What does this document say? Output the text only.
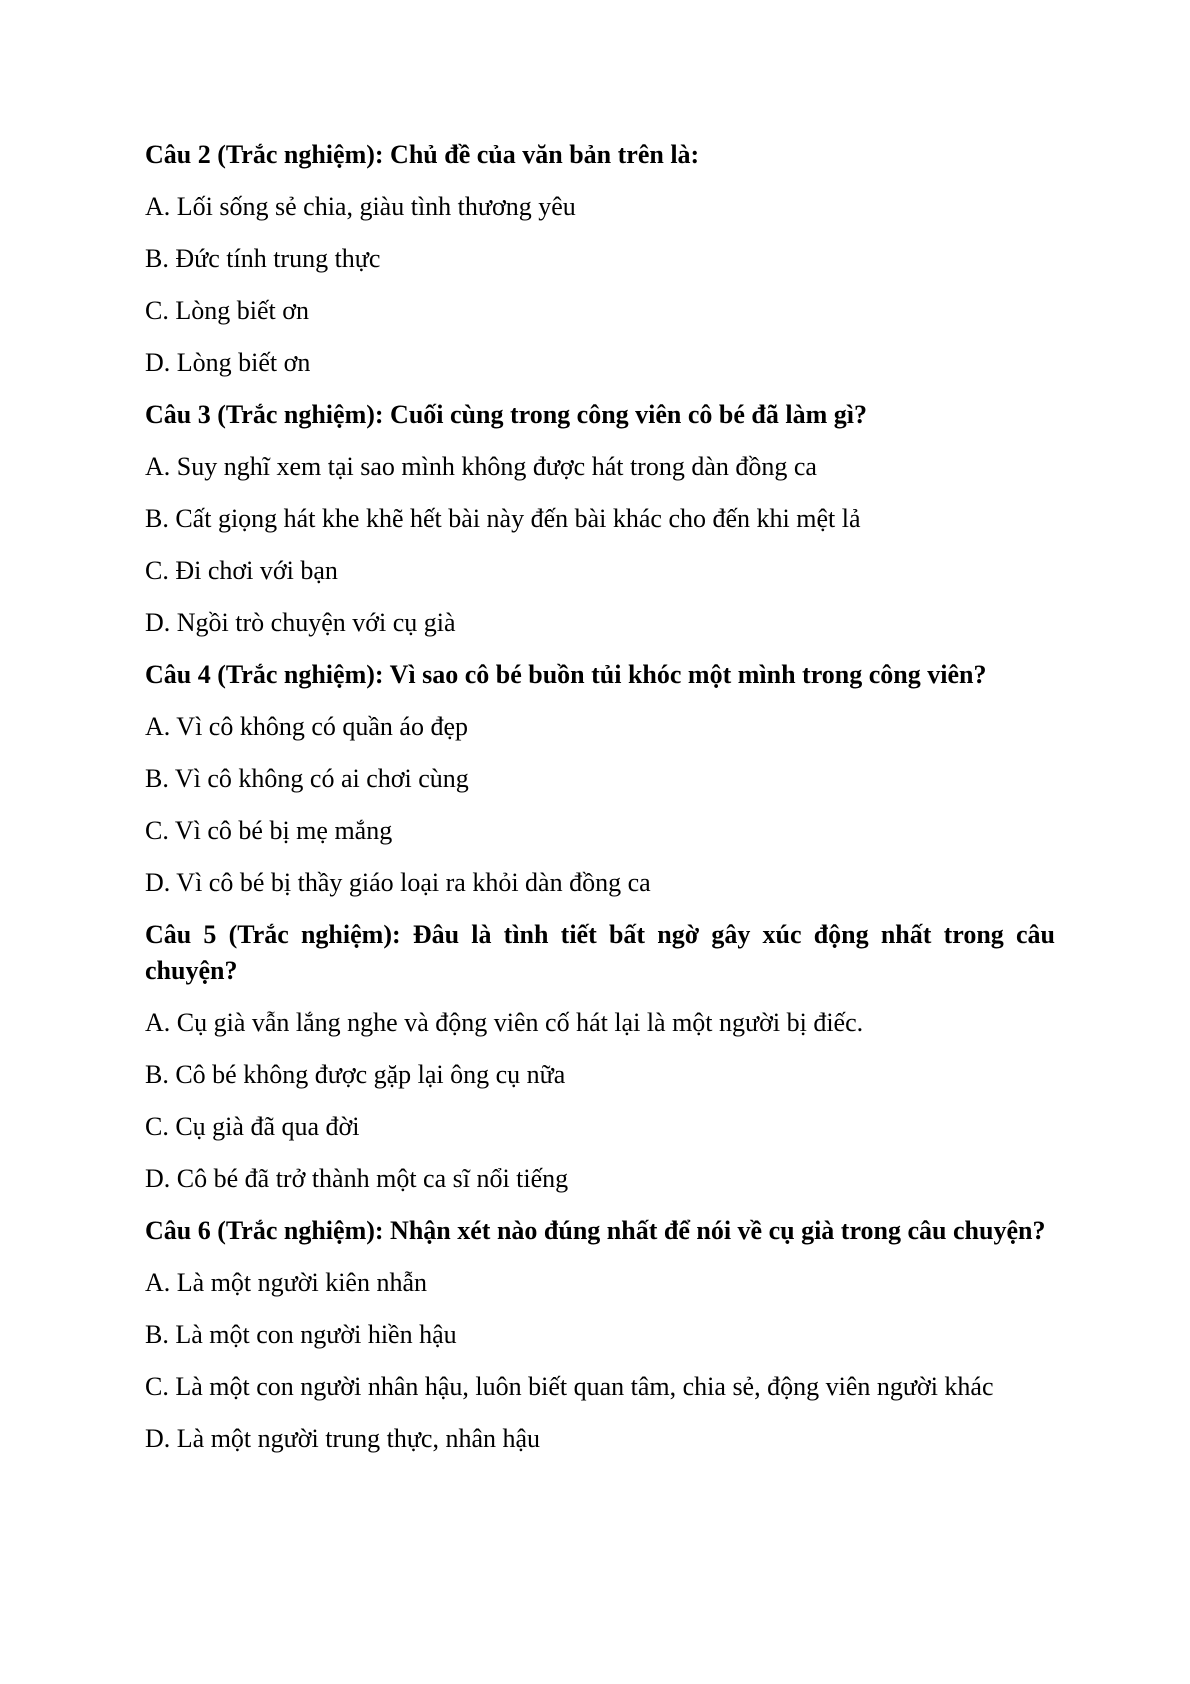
Câu 2 (Trắc nghiệm): Chủ đề của văn bản trên là:

A. Lối sống sẻ chia, giàu tình thương yêu

B. Đức tính trung thực

C. Lòng biết ơn

D. Lòng biết ơn

Câu 3 (Trắc nghiệm): Cuối cùng trong công viên cô bé đã làm gì?

A. Suy nghĩ xem tại sao mình không được hát trong dàn đồng ca

B. Cất giọng hát khe khẽ hết bài này đến bài khác cho đến khi mệt lả

C. Đi chơi với bạn

D. Ngồi trò chuyện với cụ già

Câu 4 (Trắc nghiệm): Vì sao cô bé buồn tủi khóc một mình trong công viên?

A. Vì cô không có quần áo đẹp

B. Vì cô không có ai chơi cùng

C. Vì cô bé bị mẹ mắng

D. Vì cô bé bị thầy giáo loại ra khỏi dàn đồng ca

Câu 5 (Trắc nghiệm): Đâu là tình tiết bất ngờ gây xúc động nhất trong câu chuyện?

A. Cụ già vẫn lắng nghe và động viên cố hát lại là một người bị điếc.

B. Cô bé không được gặp lại ông cụ nữa

C. Cụ già đã qua đời

D. Cô bé đã trở thành một ca sĩ nổi tiếng

Câu 6 (Trắc nghiệm): Nhận xét nào đúng nhất để nói về cụ già trong câu chuyện?

A. Là một người kiên nhẫn

B. Là một con người hiền hậu

C. Là một con người nhân hậu, luôn biết quan tâm, chia sẻ, động viên người khác

D. Là một người trung thực, nhân hậu
